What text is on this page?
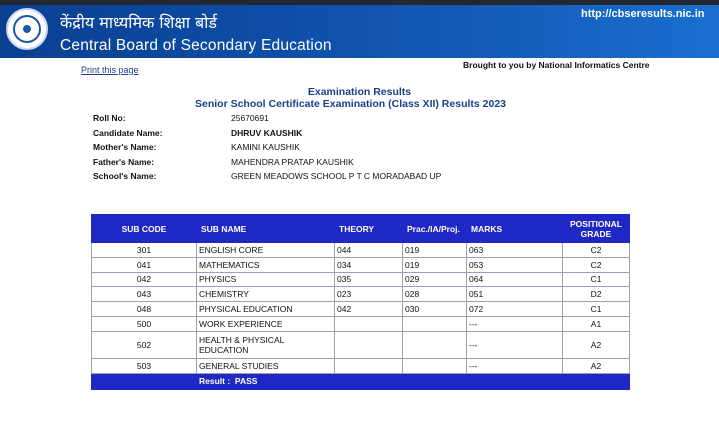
केंद्रीय माध्यमिक शिक्षा बोर्ड
Central Board of Secondary Education
http://cbseresults.nic.in
Print this page	Brought to you by National Informatics Centre
Examination Results
Senior School Certificate Examination (Class XII) Results 2023
Roll No:	25670691
Candidate Name:	DHRUV KAUSHIK
Mother's Name:	KAMINI KAUSHIK
Father's Name:	MAHENDRA PRATAP KAUSHIK
School's Name:	GREEN MEADOWS SCHOOL P T C MORADABAD UP
SUB CODE	SUB NAME	THEORY	Prac./IA/Proj.	MARKS	POSITIONAL GRADE
301	ENGLISH CORE	044	019	063	C2
041	MATHEMATICS	034	019	053	C2
042	PHYSICS	035	029	064	C1
043	CHEMISTRY	023	028	051	D2
048	PHYSICAL EDUCATION	042	030	072	C1
500	WORK EXPERIENCE			---	A1
502	HEALTH & PHYSICAL EDUCATION			---	A2
503	GENERAL STUDIES			---	A2
	Result : PASS				
